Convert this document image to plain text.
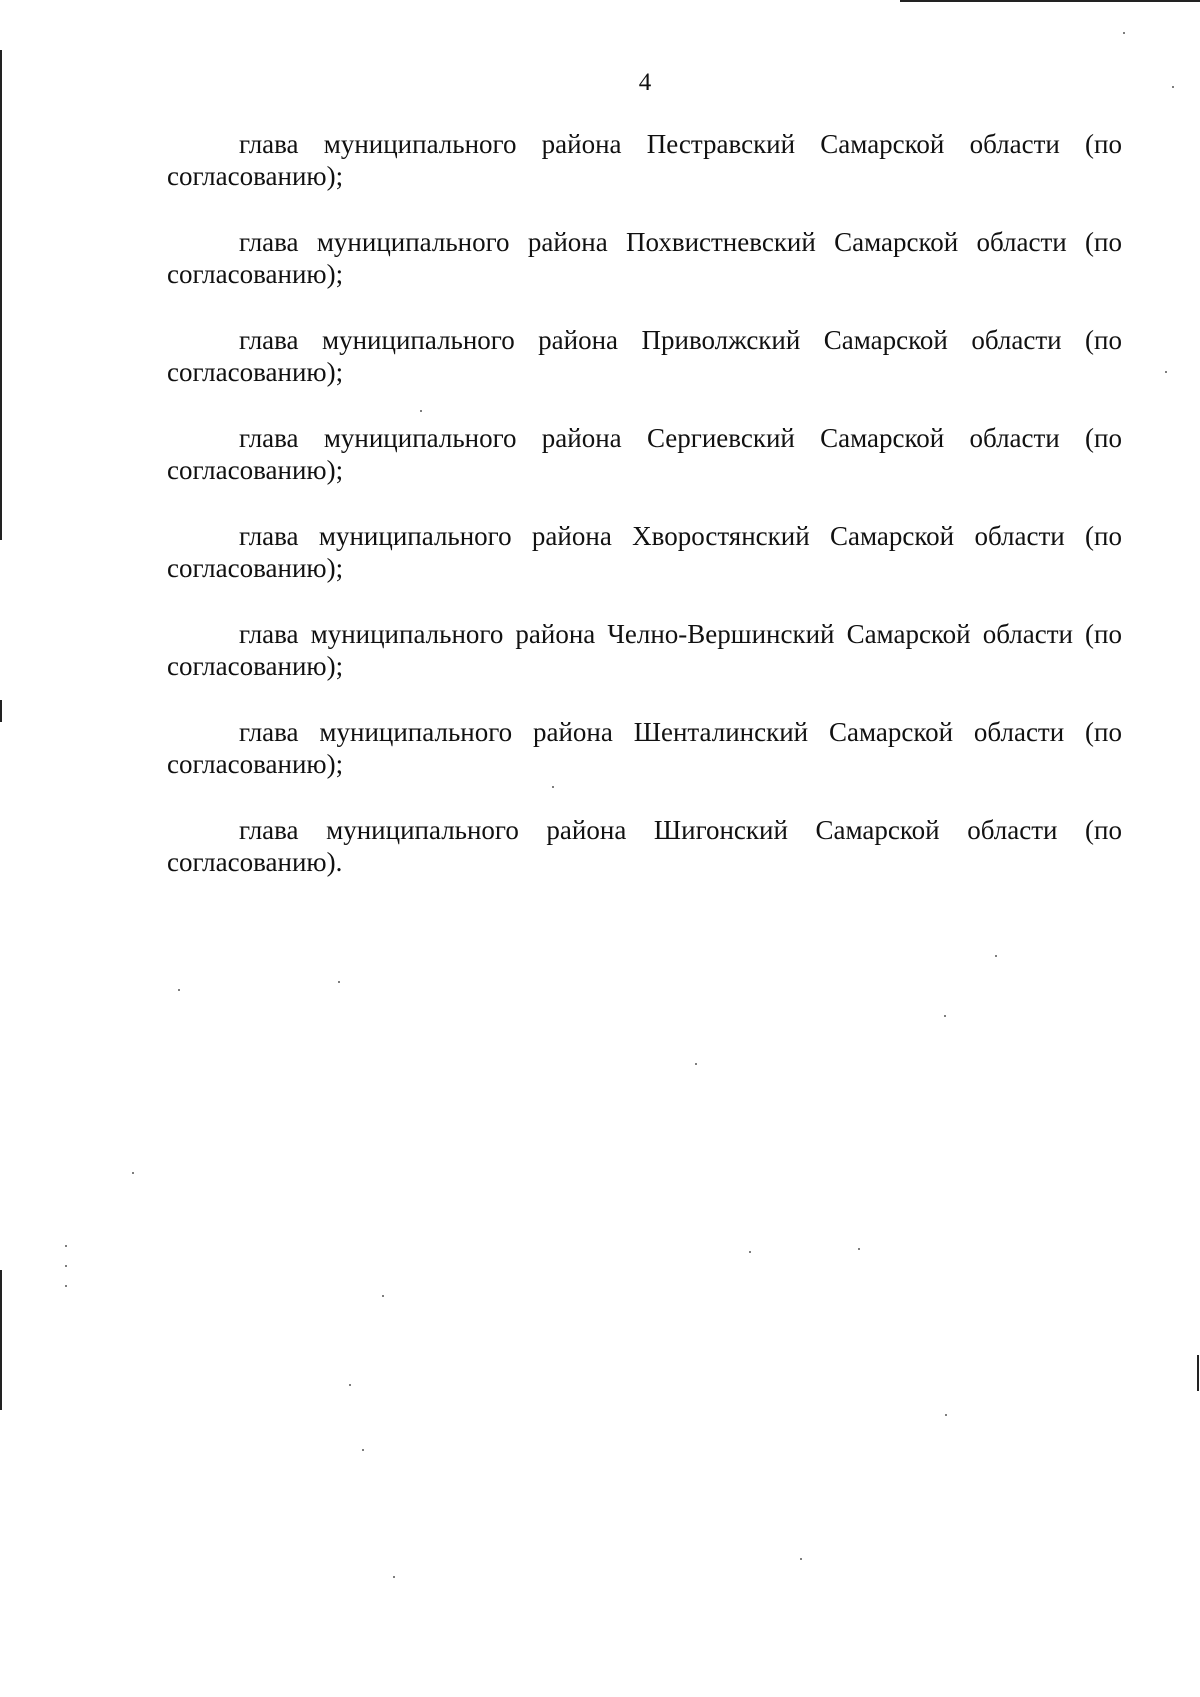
4

глава муниципального района Пестравский Самарской области (по согласованию);

глава муниципального района Похвистневский Самарской области (по согласованию);

глава муниципального района Приволжский Самарской области (по согласованию);

глава муниципального района Сергиевский Самарской области (по согласованию);

глава муниципального района Хворостянский Самарской области (по согласованию);

глава муниципального района Челно-Вершинский Самарской области (по согласованию);

глава муниципального района Шенталинский Самарской области (по согласованию);

глава муниципального района Шигонский Самарской области (по согласованию).
